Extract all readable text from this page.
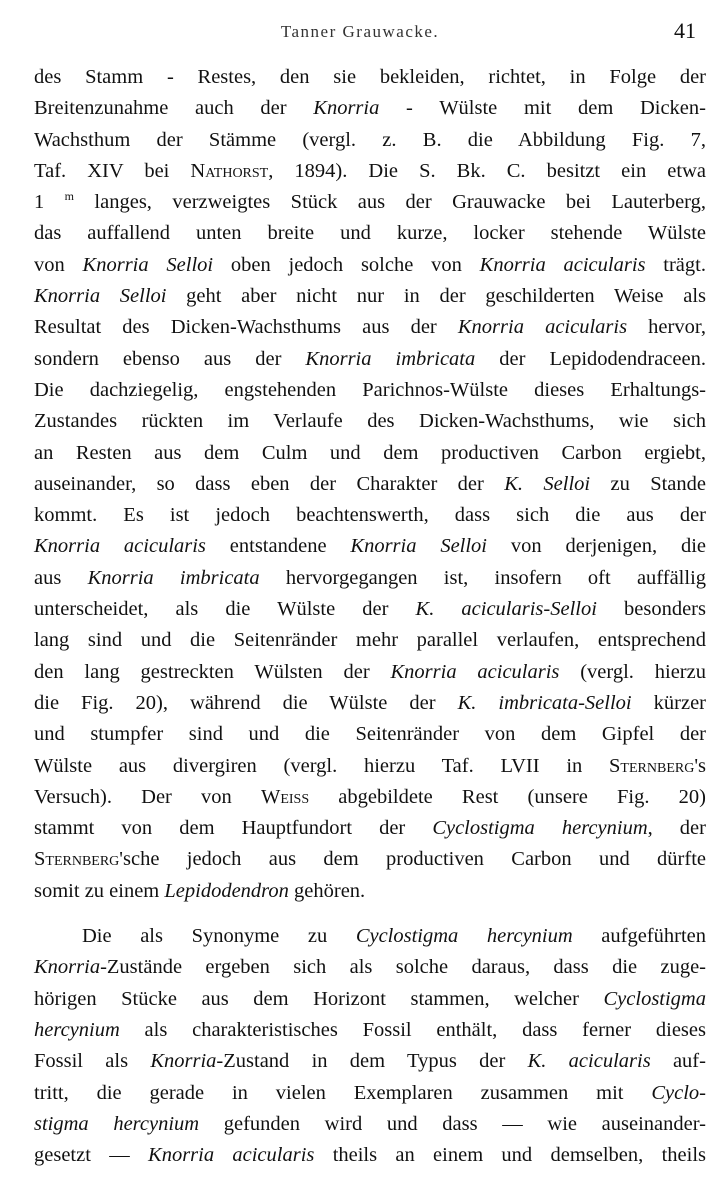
Tanner Grauwacke.	41
des Stamm - Restes, den sie bekleiden, richtet, in Folge der
Breitenzunahme auch der Knorria - Wülste mit dem Dicken-
Wachsthum der Stämme (vergl. z. B. die Abbildung Fig. 7,
Taf. XIV bei Nathorst, 1894). Die S. Bk. C. besitzt ein etwa
1 $^m$ langes, verzweigtes Stück aus der Grauwacke bei Lauterberg,
das auffallend unten breite und kurze, locker stehende Wülste
von Knorria Selloi oben jedoch solche von Knorria acicularis trägt.
Knorria Selloi geht aber nicht nur in der geschilderten Weise als
Resultat des Dicken-Wachsthums aus der Knorria acicularis hervor,
sondern ebenso aus der Knorria imbricata der Lepidodendraceen.
Die dachziegelig, engstehenden Parichnos-Wülste dieses Erhaltungs-
Zustandes rückten im Verlaufe des Dicken-Wachsthums, wie sich
an Resten aus dem Culm und dem productiven Carbon ergiebt,
auseinander, so dass eben der Charakter der K. Selloi zu Stande
kommt. Es ist jedoch beachtenswerth, dass sich die aus der
Knorria acicularis entstandene Knorria Selloi von derjenigen, die
aus Knorria imbricata hervorgegangen ist, insofern oft auffällig
unterscheidet, als die Wülste der K. acicularis-Selloi besonders
lang sind und die Seitenränder mehr parallel verlaufen, entsprechend
den lang gestreckten Wülsten der Knorria acicularis (vergl. hierzu
die Fig. 20), während die Wülste der K. imbricata-Selloi kürzer
und stumpfer sind und die Seitenränder von dem Gipfel der
Wülste aus divergiren (vergl. hierzu Taf. LVII in Sternberg's
Versuch). Der von Weiss abgebildete Rest (unsere Fig. 20)
stammt von dem Hauptfundort der Cyclostigma hercynium, der
Sternberg'sche jedoch aus dem productiven Carbon und dürfte
somit zu einem Lepidodendron gehören.
Die als Synonyme zu Cyclostigma hercynium aufgeführten
Knorria-Zustände ergeben sich als solche daraus, dass die zuge-
hörigen Stücke aus dem Horizont stammen, welcher Cyclostigma
hercynium als charakteristisches Fossil enthält, dass ferner dieses
Fossil als Knorria-Zustand in dem Typus der K. acicularis auf-
tritt, die gerade in vielen Exemplaren zusammen mit Cyclo-
stigma hercynium gefunden wird und dass — wie auseinander-
gesetzt — Knorria acicularis theils an einem und demselben, theils
